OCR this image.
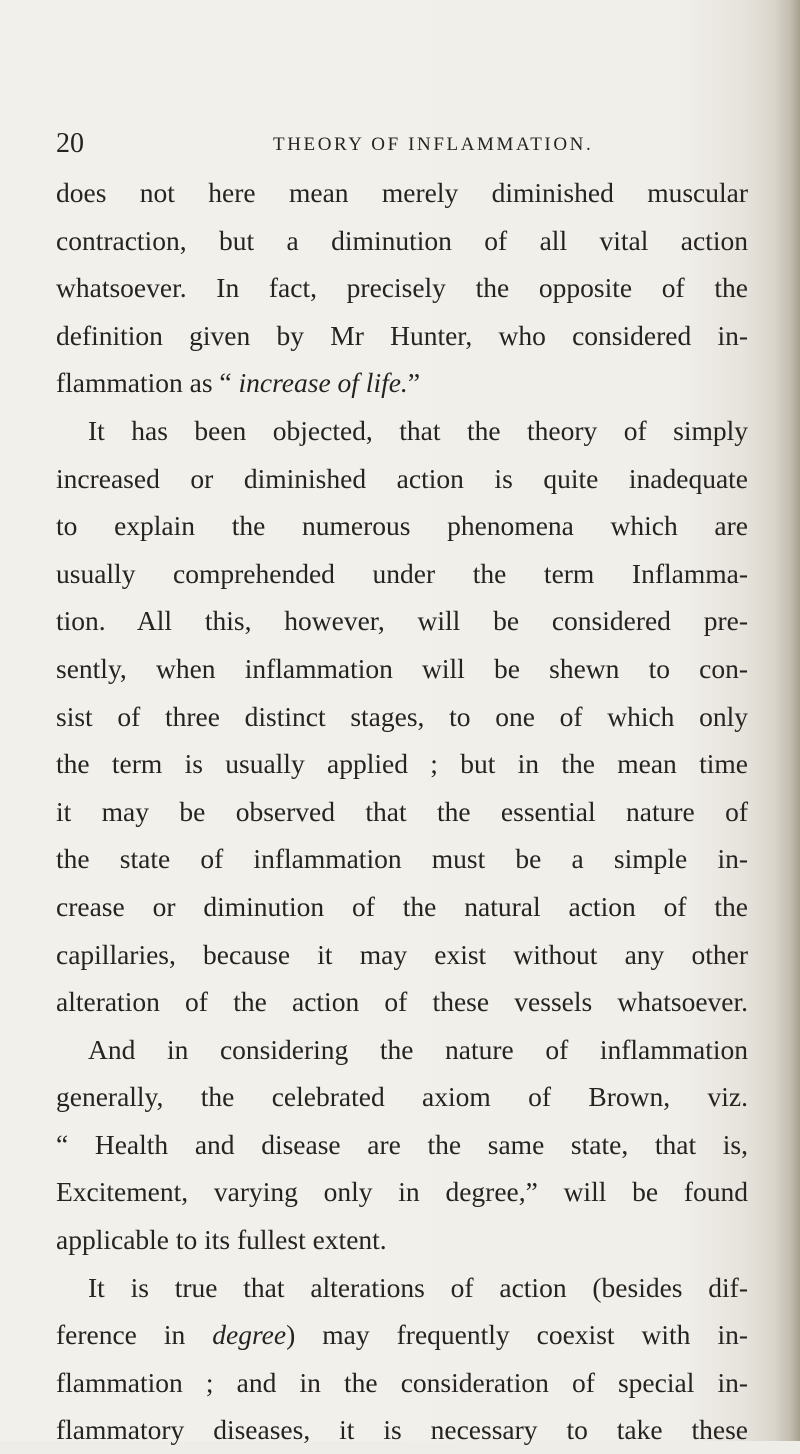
20	THEORY OF INFLAMMATION.
does not here mean merely diminished muscular
contraction, but a diminution of all vital action
whatsoever. In fact, precisely the opposite of the
definition given by Mr Hunter, who considered in-
flammation as “ increase of life.”
It has been objected, that the theory of simply
increased or diminished action is quite inadequate
to explain the numerous phenomena which are
usually comprehended under the term Inflamma-
tion. All this, however, will be considered pre-
sently, when inflammation will be shewn to con-
sist of three distinct stages, to one of which only
the term is usually applied ; but in the mean time
it may be observed that the essential nature of
the state of inflammation must be a simple in-
crease or diminution of the natural action of the
capillaries, because it may exist without any other
alteration of the action of these vessels whatsoever.
And in considering the nature of inflammation
generally, the celebrated axiom of Brown, viz.
“ Health and disease are the same state, that is,
Excitement, varying only in degree,” will be found
applicable to its fullest extent.
It is true that alterations of action (besides dif-
ference in degree) may frequently coexist with in-
flammation ; and in the consideration of special in-
flammatory diseases, it is necessary to take these
